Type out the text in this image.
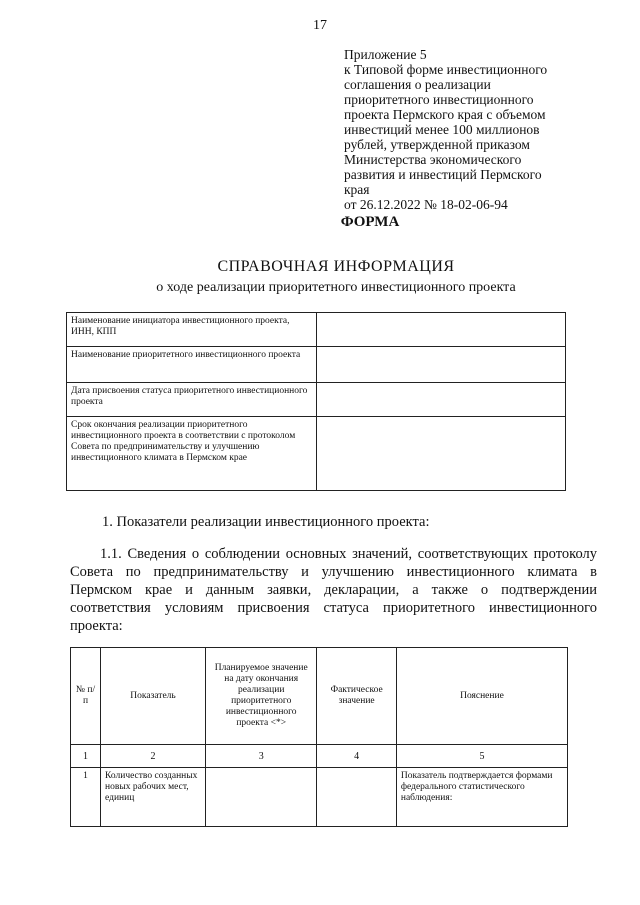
17
Приложение 5
к Типовой форме инвестиционного
соглашения о реализации
приоритетного инвестиционного
проекта Пермского края с объемом
инвестиций менее 100 миллионов
рублей, утвержденной приказом
Министерства экономического
развития и инвестиций Пермского
края
от 26.12.2022 № 18-02-06-94
ФОРМА
СПРАВОЧНАЯ ИНФОРМАЦИЯ
о ходе реализации приоритетного инвестиционного проекта
Наименование инициатора инвестиционного проекта, ИНН, КПП	
Наименование приоритетного инвестиционного проекта	
Дата присвоения статуса приоритетного инвестиционного проекта	
Срок окончания реализации приоритетного инвестиционного проекта в соответствии с протоколом Совета по предпринимательству и улучшению инвестиционного климата в Пермском крае	
1. Показатели реализации инвестиционного проекта:
1.1. Сведения о соблюдении основных значений, соответствующих протоколу Совета по предпринимательству и улучшению инвестиционного климата в Пермском крае и данным заявки, декларации, а также о подтверждении соответствия условиям присвоения статуса приоритетного инвестиционного проекта:
№ п/п	Показатель	Планируемое значение на дату окончания реализации приоритетного инвестиционного проекта <*>	Фактическое значение	Пояснение
1	2	3	4	5
1	Количество созданных новых рабочих мест, единиц			Показатель подтверждается формами федерального статистического наблюдения:
